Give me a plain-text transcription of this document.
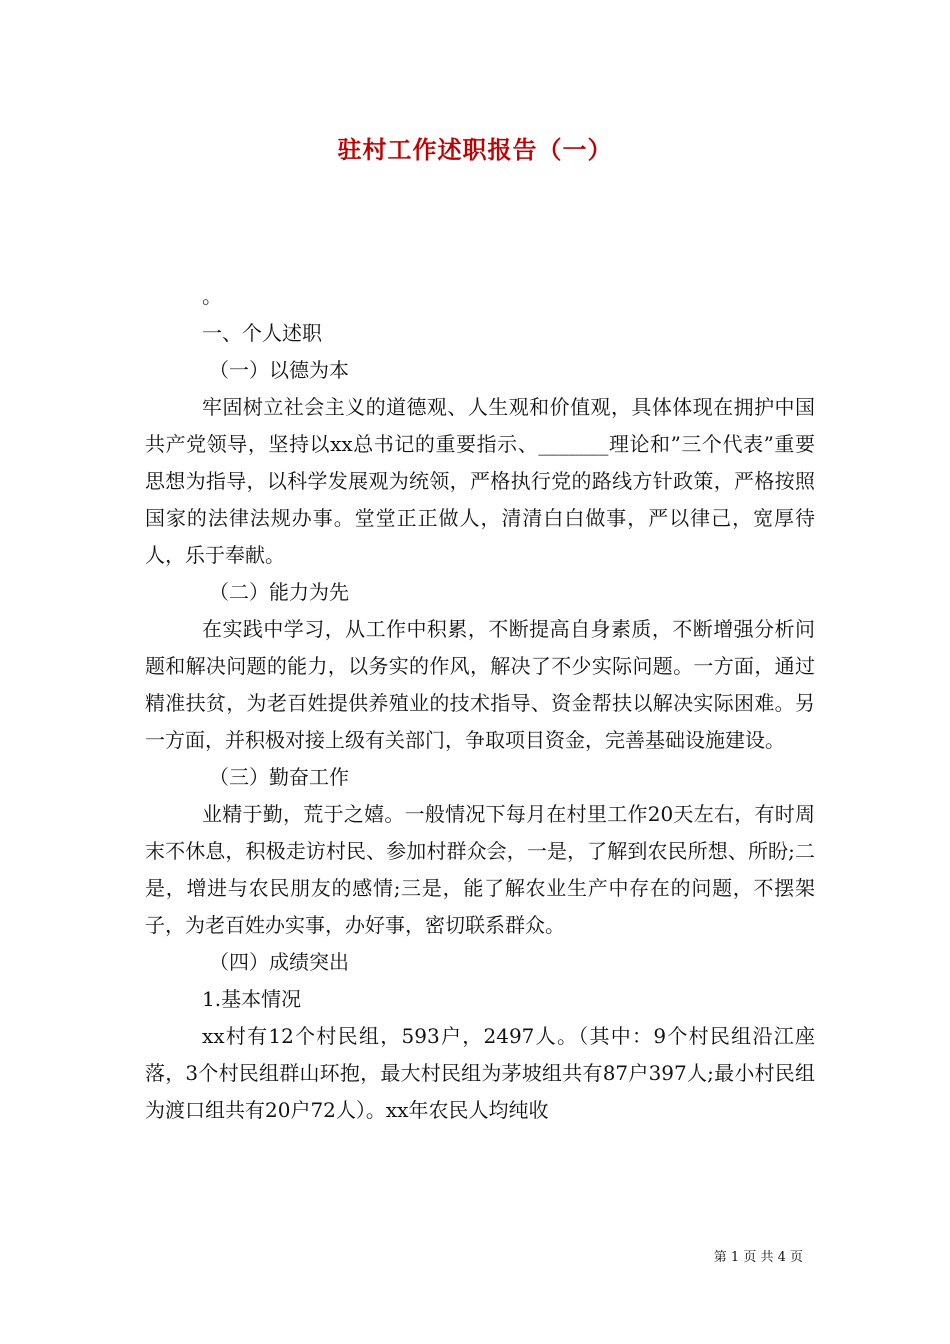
驻村工作述职报告（一）

。

一、个人述职

（一）以德为本

牢固树立社会主义的道德观、人生观和价值观，具体体现在拥护中国共产党领导，坚持以xx总书记的重要指示、_______理论和”三个代表”重要思想为指导，以科学发展观为统领，严格执行党的路线方针政策，严格按照国家的法律法规办事。堂堂正正做人，清清白白做事，严以律己，宽厚待人，乐于奉献。

（二）能力为先

在实践中学习，从工作中积累，不断提高自身素质，不断增强分析问题和解决问题的能力，以务实的作风，解决了不少实际问题。一方面，通过精准扶贫，为老百姓提供养殖业的技术指导、资金帮扶以解决实际困难。另一方面，并积极对接上级有关部门，争取项目资金，完善基础设施建设。

（三）勤奋工作

业精于勤，荒于之嬉。一般情况下每月在村里工作20天左右，有时周末不休息，积极走访村民、参加村群众会，一是，了解到农民所想、所盼;二是，增进与农民朋友的感情;三是，能了解农业生产中存在的问题，不摆架子，为老百姓办实事，办好事，密切联系群众。

（四）成绩突出

1.基本情况

xx村有12个村民组，593户，2497人。（其中：9个村民组沿江座落，3个村民组群山环抱，最大村民组为茅坡组共有87户397人;最小村民组为渡口组共有20户72人）。xx年农民人均纯收

第 1 页 共 4 页
